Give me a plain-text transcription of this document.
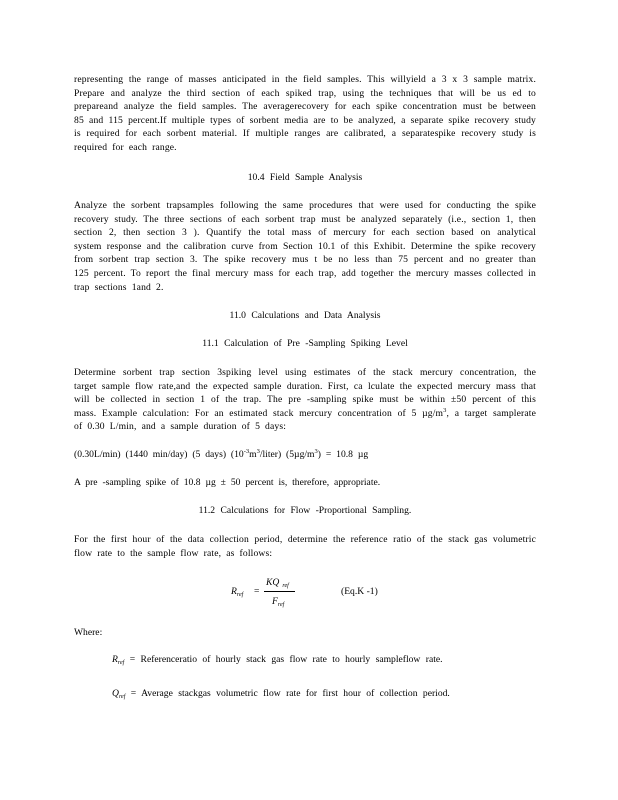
representing the range of masses anticipated in the field samples. This willyield a 3 x 3 sample matrix. Prepare and analyze the third section of each spiked trap, using the techniques that will be us ed to prepareand analyze the field samples. The averagerecovery for each spike concentration must be between 85 and 115 percent.If multiple types of sorbent media are to be analyzed, a separate spike recovery study is required for each sorbent material. If multiple ranges are calibrated, a separatespike recovery study is required for each range.
10.4 Field Sample Analysis
Analyze the sorbent trapsamples following the same procedures that were used for conducting the spike recovery study. The three sections of each sorbent trap must be analyzed separately (i.e., section 1, then section 2, then section 3 ). Quantify the total mass of mercury for each section based on analytical system response and the calibration curve from Section 10.1 of this Exhibit. Determine the spike recovery from sorbent trap section 3. The spike recovery mus t be no less than 75 percent and no greater than 125 percent. To report the final mercury mass for each trap, add together the mercury masses collected in trap sections 1and 2.
11.0 Calculations and Data Analysis
11.1 Calculation of Pre -Sampling Spiking Level
Determine sorbent trap section 3spiking level using estimates of the stack mercury concentration, the target sample flow rate,and the expected sample duration. First, ca lculate the expected mercury mass that will be collected in section 1 of the trap. The pre -sampling spike must be within ±50 percent of this mass. Example calculation: For an estimated stack mercury concentration of 5 $\mu g/m^3$, a target samplerate of 0.30 L/min, and a sample duration of 5 days:
(0.30L/min) (1440 min/day) (5 days) $(10^{-3}m^3/liter) (5\mu g/m^3) = 10.8$ µg
A pre -sampling spike of 10.8 µg ± 50 percent is, therefore, appropriate.
11.2 Calculations for Flow -Proportional Sampling.
For the first hour of the data collection period, determine the reference ratio of the stack gas volumetric flow rate to the sample flow rate, as follows:
$R_{ref}$ =
KQ $_{ref}$
$F_{ref}$
(Eq.K -1)
Where:
$R_{ref}$ = Referenceratio of hourly stack gas flow rate to hourly sampleflow rate.
$Q_{ref}$ = Average stackgas volumetric flow rate for first hour of collection period.
